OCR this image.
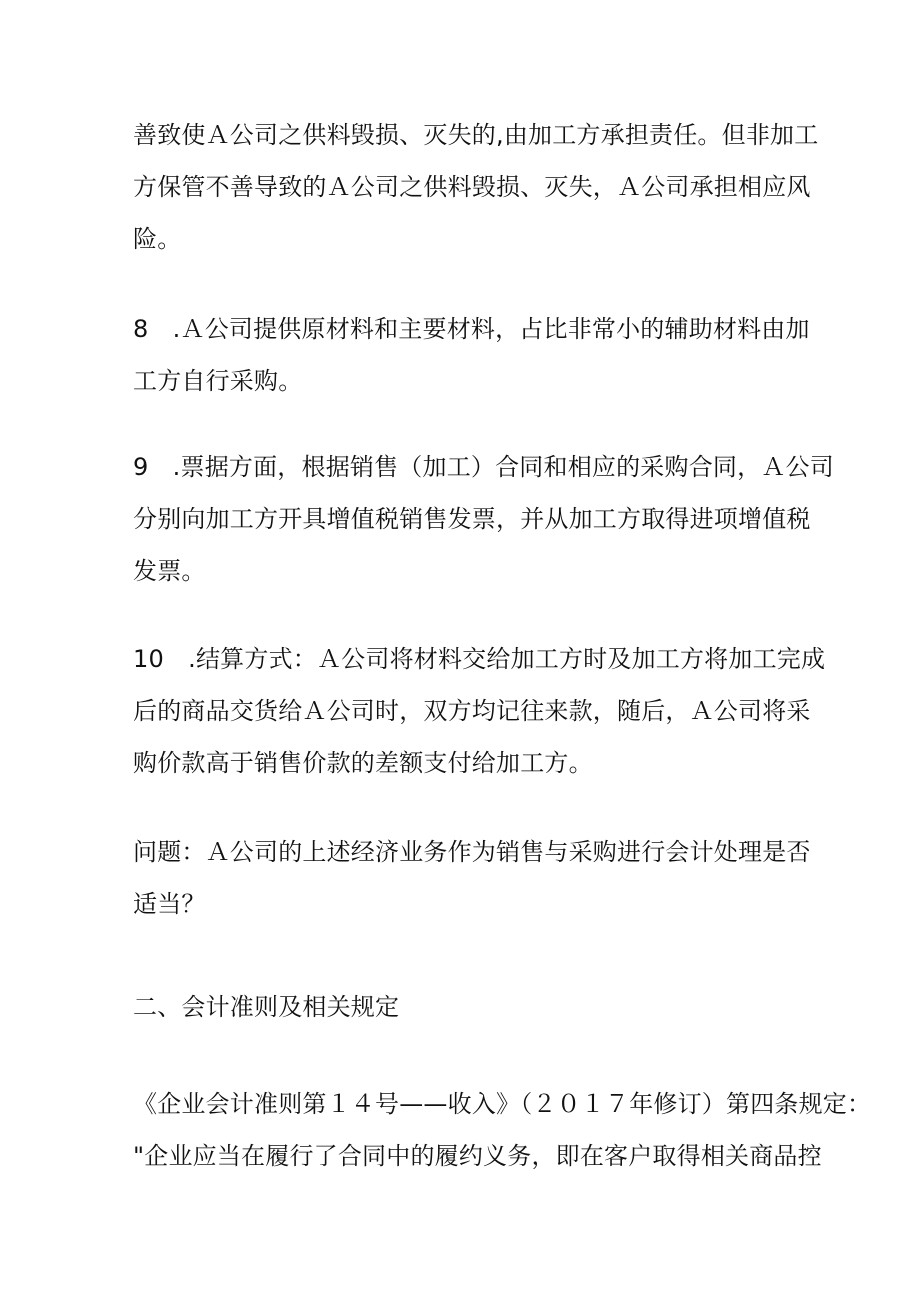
善致使Ａ公司之供料毁损、灭失的,由加工方承担责任。但非加工
方保管不善导致的Ａ公司之供料毁损、灭失，Ａ公司承担相应风
险。

8　.Ａ公司提供原材料和主要材料，占比非常小的辅助材料由加
工方自行采购。

9　.票据方面，根据销售（加工）合同和相应的采购合同，Ａ公司
分别向加工方开具增值税销售发票，并从加工方取得进项增值税
发票。

10　.结算方式：Ａ公司将材料交给加工方时及加工方将加工完成
后的商品交货给Ａ公司时，双方均记往来款，随后，Ａ公司将采
购价款高于销售价款的差额支付给加工方。

问题：Ａ公司的上述经济业务作为销售与采购进行会计处理是否
适当？

二、会计准则及相关规定

《企业会计准则第１４号——收入》（２０１７年修订）第四条规定：
"企业应当在履行了合同中的履约义务，即在客户取得相关商品控
